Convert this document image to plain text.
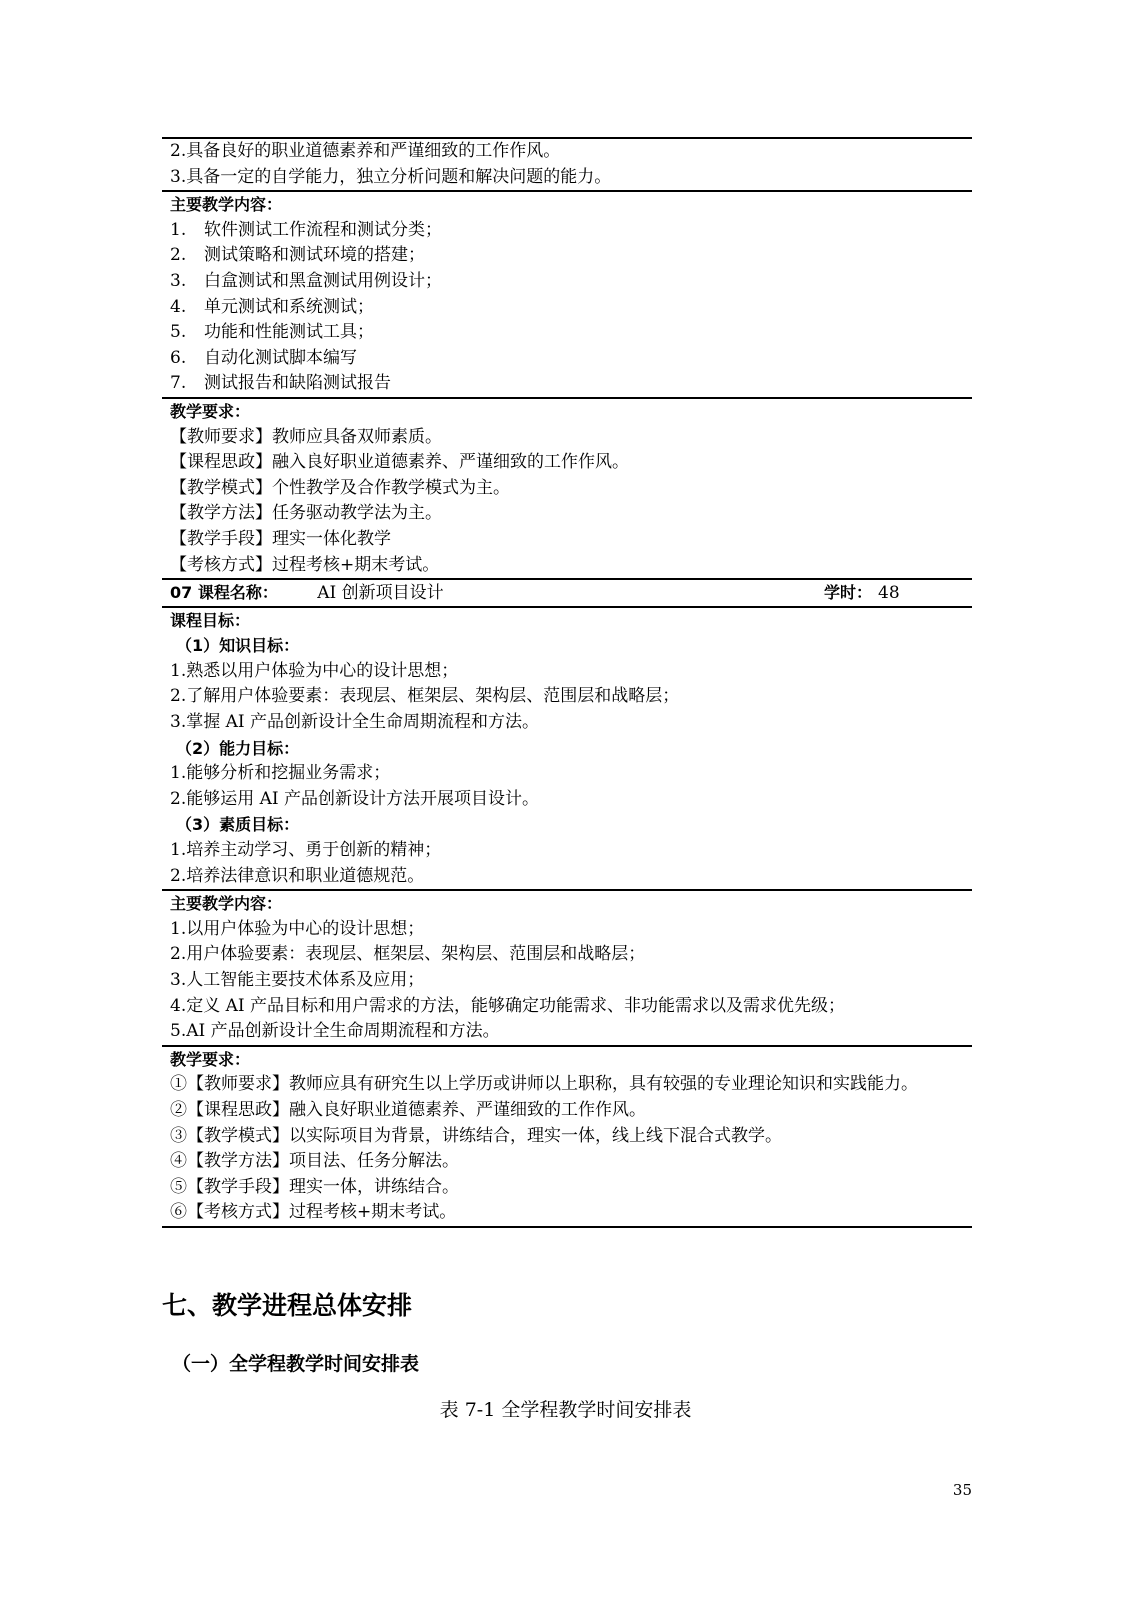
2.具备良好的职业道德素养和严谨细致的工作作风。
3.具备一定的自学能力，独立分析问题和解决问题的能力。
主要教学内容：
1. 软件测试工作流程和测试分类；
2. 测试策略和测试环境的搭建；
3. 白盒测试和黑盒测试用例设计；
4. 单元测试和系统测试；
5. 功能和性能测试工具；
6. 自动化测试脚本编写
7. 测试报告和缺陷测试报告
教学要求：
【教师要求】教师应具备双师素质。
【课程思政】融入良好职业道德素养、严谨细致的工作作风。
【教学模式】个性教学及合作教学模式为主。
【教学方法】任务驱动教学法为主。
【教学手段】理实一体化教学
【考核方式】过程考核+期末考试。
07 课程名称： AI 创新项目设计	学时： 48
课程目标：
（1）知识目标：
1.熟悉以用户体验为中心的设计思想；
2.了解用户体验要素：表现层、框架层、架构层、范围层和战略层；
3.掌握 AI 产品创新设计全生命周期流程和方法。
（2）能力目标：
1.能够分析和挖掘业务需求；
2.能够运用 AI 产品创新设计方法开展项目设计。
（3）素质目标：
1.培养主动学习、勇于创新的精神；
2.培养法律意识和职业道德规范。
主要教学内容：
1.以用户体验为中心的设计思想；
2.用户体验要素：表现层、框架层、架构层、范围层和战略层；
3.人工智能主要技术体系及应用；
4.定义 AI 产品目标和用户需求的方法，能够确定功能需求、非功能需求以及需求优先级；
5.AI 产品创新设计全生命周期流程和方法。
教学要求：
①【教师要求】教师应具有研究生以上学历或讲师以上职称，具有较强的专业理论知识和实践能力。
②【课程思政】融入良好职业道德素养、严谨细致的工作作风。
③【教学模式】以实际项目为背景，讲练结合，理实一体，线上线下混合式教学。
④【教学方法】项目法、任务分解法。
⑤【教学手段】理实一体，讲练结合。
⑥【考核方式】过程考核+期末考试。
七、教学进程总体安排
（一）全学程教学时间安排表
表 7-1 全学程教学时间安排表
35
